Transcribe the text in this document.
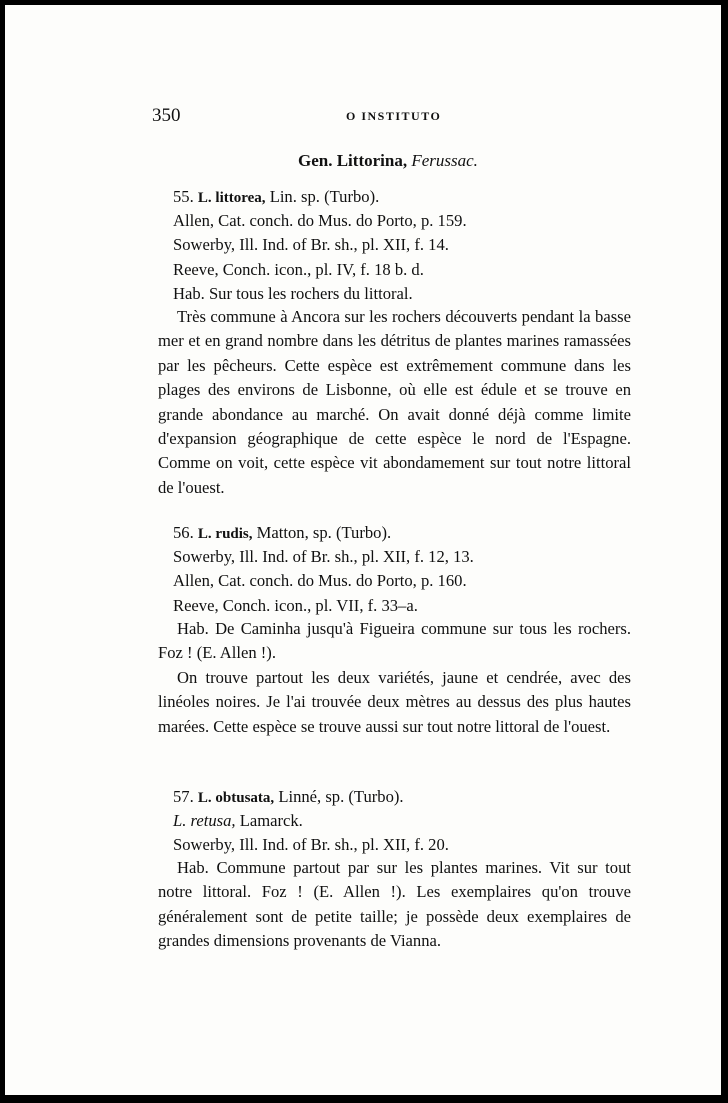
350	O INSTITUTO
Gen. Littorina, Ferussac.
55. L. littorea, Lin. sp. (Turbo).
Allen, Cat. conch. do Mus. do Porto, p. 159.
Sowerby, Ill. Ind. of Br. sh., pl. XII, f. 14.
Reeve, Conch. icon., pl. IV, f. 18 b. d.
Hab. Sur tous les rochers du littoral.
Très commune à Ancora sur les rochers découverts pendant la basse mer et en grand nombre dans les détritus de plantes marines ramassées par les pêcheurs. Cette espèce est extrêmement commune dans les plages des environs de Lisbonne, où elle est édule et se trouve en grande abondance au marché. On avait donné déjà comme limite d'expansion géographique de cette espèce le nord de l'Espagne. Comme on voit, cette espèce vit abondamement sur tout notre littoral de l'ouest.
56. L. rudis, Matton, sp. (Turbo).
Sowerby, Ill. Ind. of Br. sh., pl. XII, f. 12, 13.
Allen, Cat. conch. do Mus. do Porto, p. 160.
Reeve, Conch. icon., pl. VII, f. 33–a.
Hab. De Caminha jusqu'à Figueira commune sur tous les rochers. Foz ! (E. Allen !).
On trouve partout les deux variétés, jaune et cendrée, avec des linéoles noires. Je l'ai trouvée deux mètres au dessus des plus hautes marées. Cette espèce se trouve aussi sur tout notre littoral de l'ouest.
57. L. obtusata, Linné, sp. (Turbo).
L. retusa, Lamarck.
Sowerby, Ill. Ind. of Br. sh., pl. XII, f. 20.
Hab. Commune partout par sur les plantes marines. Vit sur tout notre littoral. Foz ! (E. Allen !). Les exemplaires qu'on trouve généralement sont de petite taille; je possède deux exemplaires de grandes dimensions provenants de Vianna.
